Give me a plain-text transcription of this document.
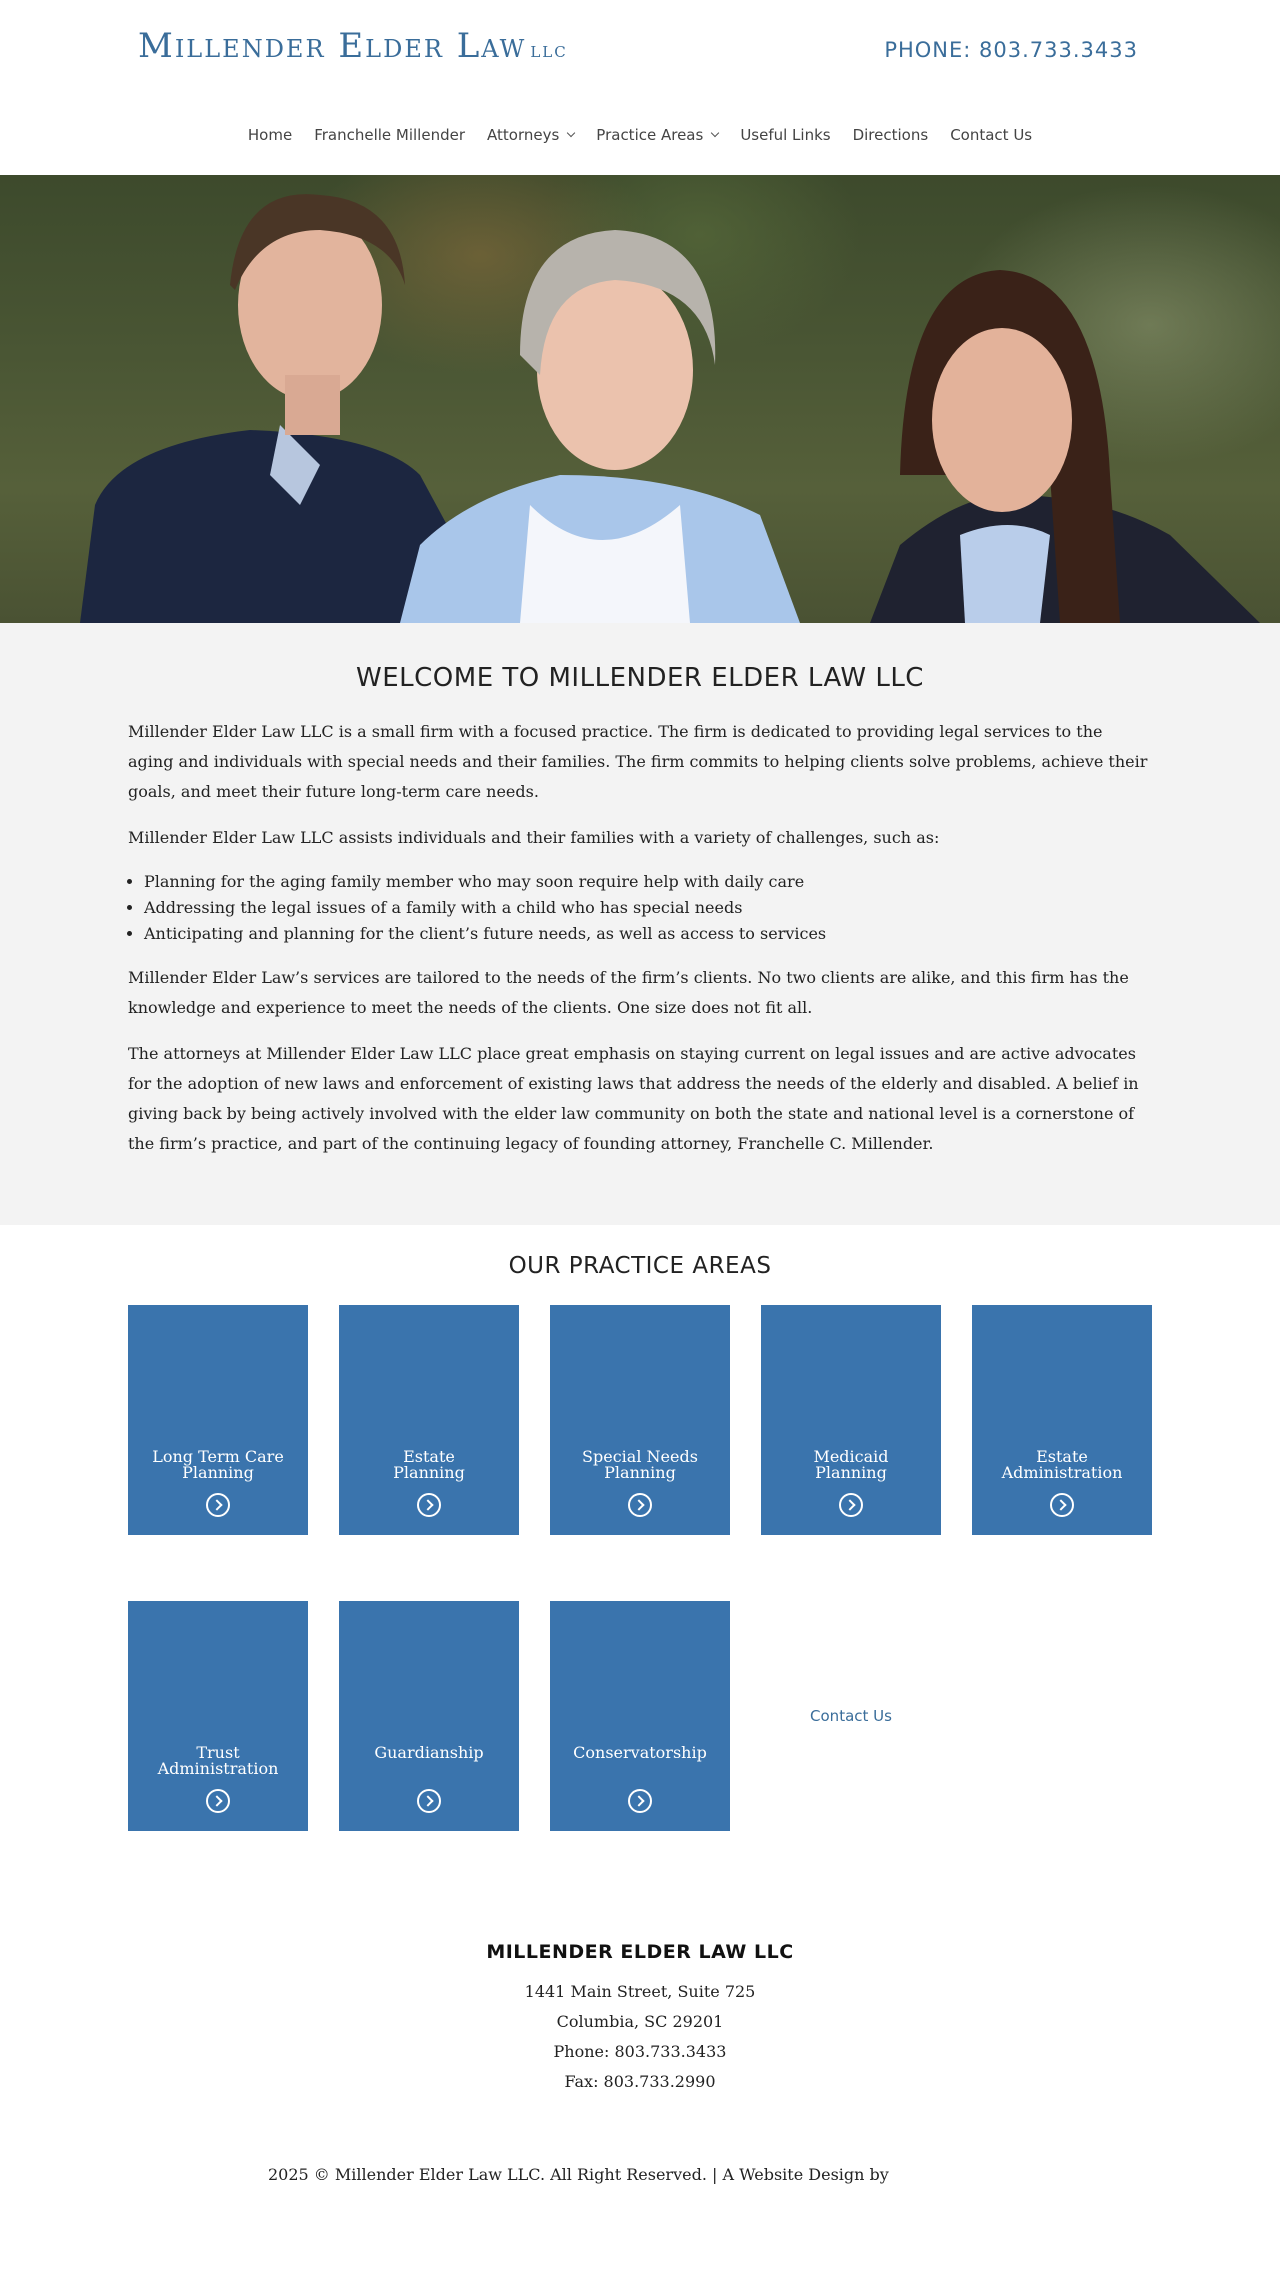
Millender Elder Law llc	PHONE: 803.733.3433
Home Franchelle Millender Attorneys Practice Areas Useful Links Directions Contact Us
WELCOME TO MILLENDER ELDER LAW LLC

Millender Elder Law LLC is a small firm with a focused practice. The firm is dedicated to providing legal services to the aging and individuals with special needs and their families. The firm commits to helping clients solve problems, achieve their goals, and meet their future long-term care needs.

Millender Elder Law LLC assists individuals and their families with a variety of challenges, such as:

• Planning for the aging family member who may soon require help with daily care
• Addressing the legal issues of a family with a child who has special needs
• Anticipating and planning for the client’s future needs, as well as access to services

Millender Elder Law’s services are tailored to the needs of the firm’s clients. No two clients are alike, and this firm has the knowledge and experience to meet the needs of the clients. One size does not fit all.

The attorneys at Millender Elder Law LLC place great emphasis on staying current on legal issues and are active advocates for the adoption of new laws and enforcement of existing laws that address the needs of the elderly and disabled. A belief in giving back by being actively involved with the elder law community on both the state and national level is a cornerstone of the firm’s practice, and part of the continuing legacy of founding attorney, Franchelle C. Millender.

OUR PRACTICE AREAS
Long Term Care
Planning
Estate
Planning
Special Needs
Planning
Medicaid
Planning
Estate
Administration
Trust
Administration
Guardianship	Conservatorship
Contact Us
MILLENDER ELDER LAW LLC
1441 Main Street, Suite 725
Columbia, SC 29201
Phone: 803.733.3433
Fax: 803.733.2990
2025 © Millender Elder Law LLC. All Right Reserved. | A Website Design by
